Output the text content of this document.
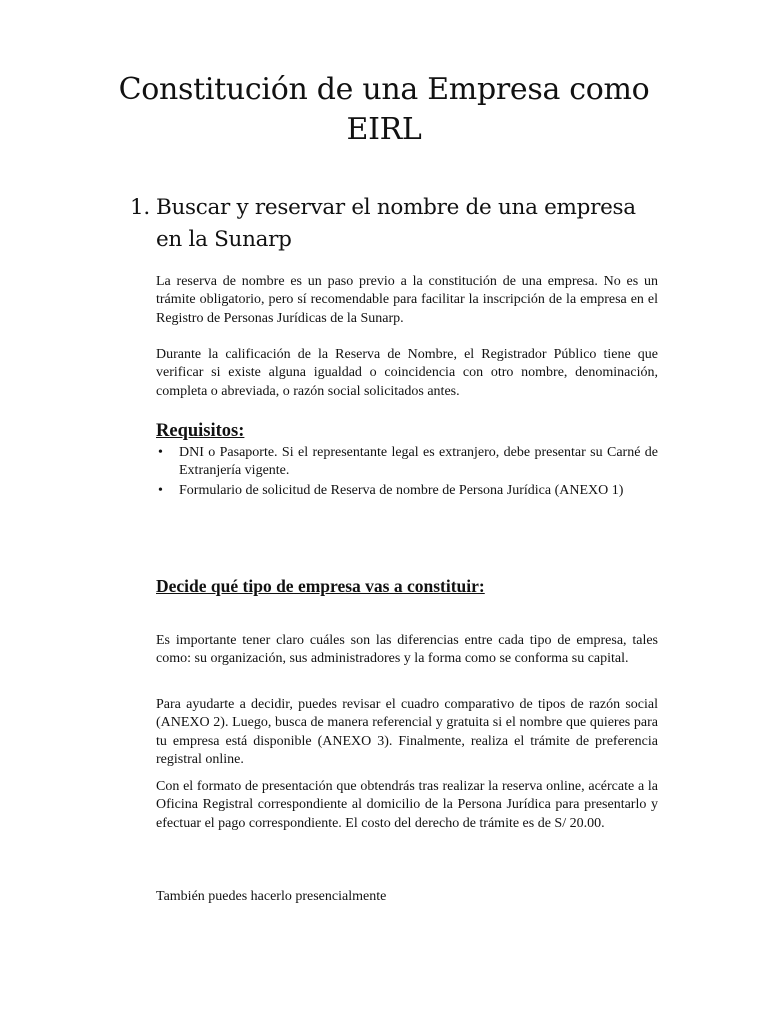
Constitución de una Empresa como EIRL
1. Buscar y reservar el nombre de una empresa en la Sunarp

La reserva de nombre es un paso previo a la constitución de una empresa. No es un trámite obligatorio, pero sí recomendable para facilitar la inscripción de la empresa en el Registro de Personas Jurídicas de la Sunarp.

Durante la calificación de la Reserva de Nombre, el Registrador Público tiene que verificar si existe alguna igualdad o coincidencia con otro nombre, denominación, completa o abreviada, o razón social solicitados antes.

Requisitos:
• DNI o Pasaporte. Si el representante legal es extranjero, debe presentar su Carné de Extranjería vigente.
• Formulario de solicitud de Reserva de nombre de Persona Jurídica (ANEXO 1)
Decide qué tipo de empresa vas a constituir:

Es importante tener claro cuáles son las diferencias entre cada tipo de empresa, tales como: su organización, sus administradores y la forma como se conforma su capital.

Para ayudarte a decidir, puedes revisar el cuadro comparativo de tipos de razón social (ANEXO 2). Luego, busca de manera referencial y gratuita si el nombre que quieres para tu empresa está disponible (ANEXO 3). Finalmente, realiza el trámite de preferencia registral online.

Con el formato de presentación que obtendrás tras realizar la reserva online, acércate a la Oficina Registral correspondiente al domicilio de la Persona Jurídica para presentarlo y efectuar el pago correspondiente. El costo del derecho de trámite es de S/ 20.00.

También puedes hacerlo presencialmente
